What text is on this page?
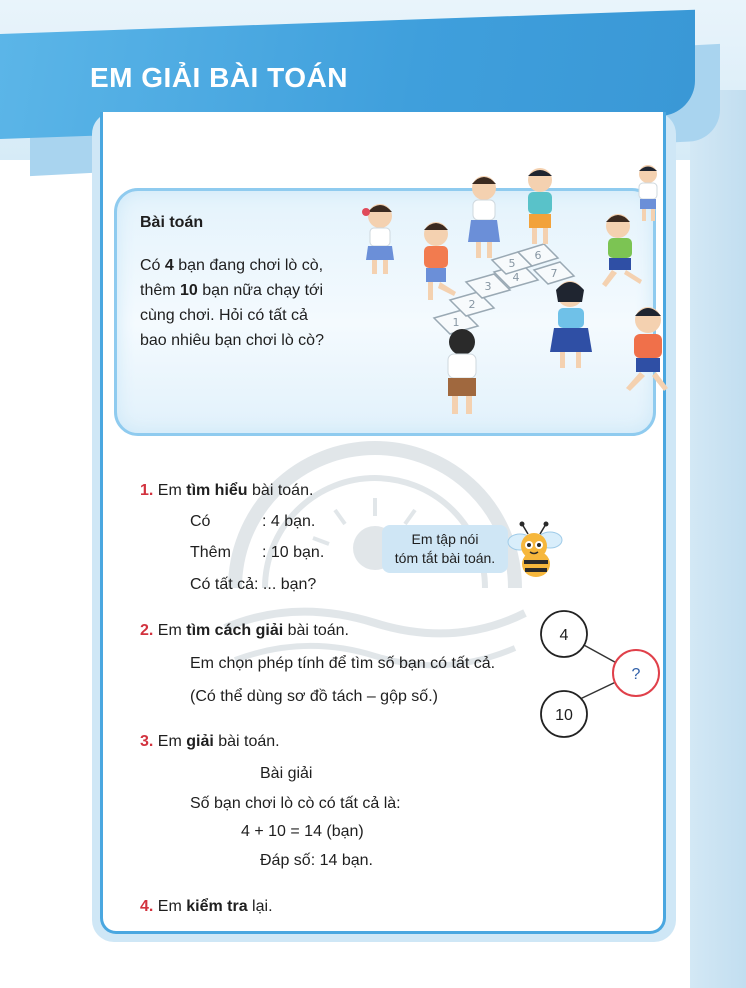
EM GIẢI BÀI TOÁN
Bài toán
Có 4 bạn đang chơi lò cò,
thêm 10 bạn nữa chạy tới
cùng chơi. Hỏi có tất cả
bao nhiêu bạn chơi lò cò?
1
2
3
4
5
6
7
1. Em tìm hiểu bài toán.
Có	: 4 bạn.
Thêm : 10 bạn.
Có tất cả: ... bạn?
Em tập nói
tóm tắt bài toán.
2. Em tìm cách giải bài toán.
Em chọn phép tính để tìm số bạn có tất cả.
(Có thể dùng sơ đồ tách – gộp số.)
4
10
?
3. Em giải bài toán.
Bài giải
Số bạn chơi lò cò có tất cả là:
4 + 10 = 14 (bạn)
Đáp số: 14 bạn.
4. Em kiểm tra lại.
